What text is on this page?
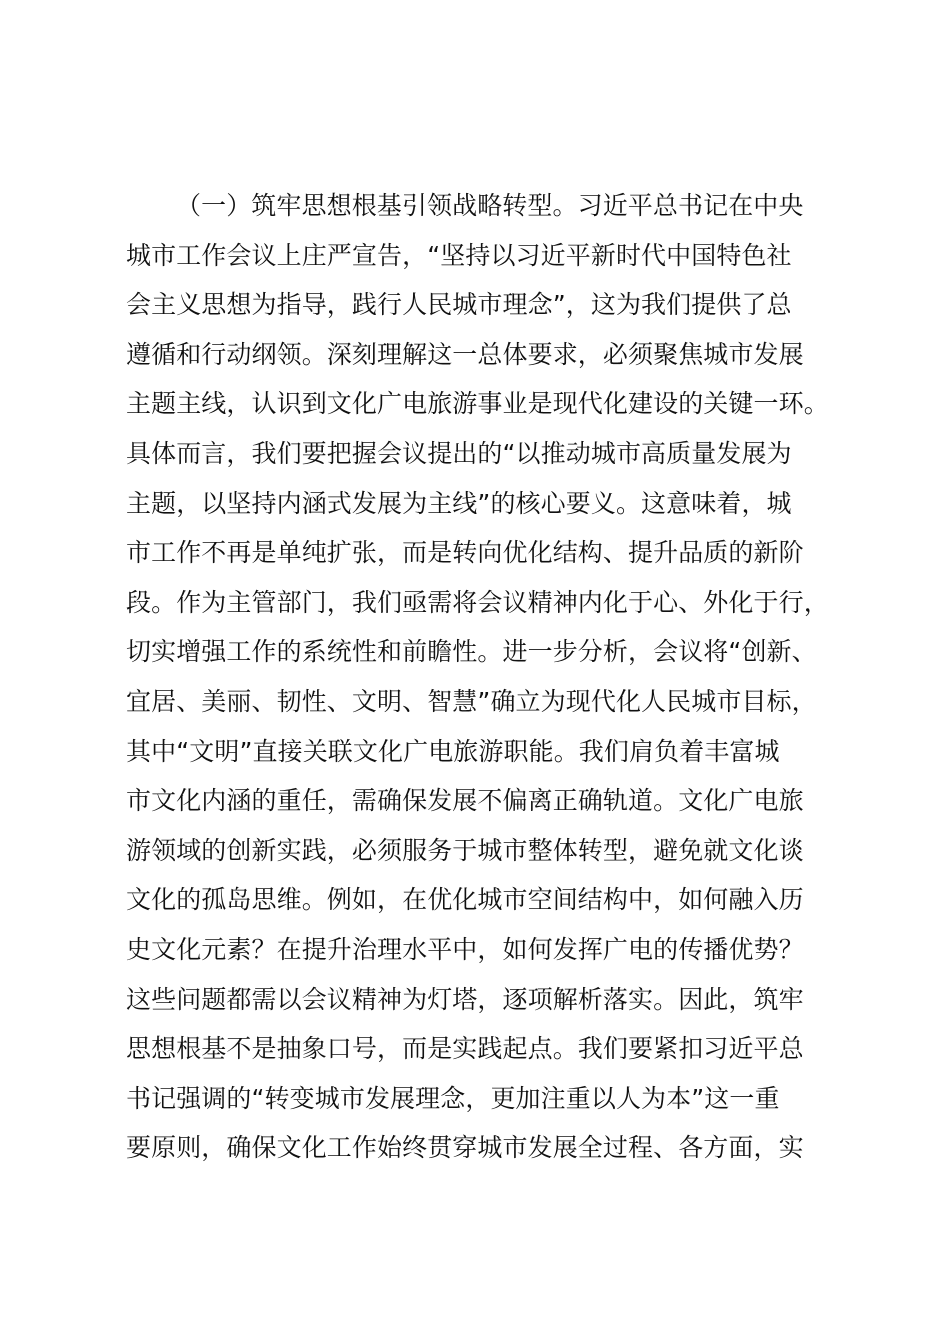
（一）筑牢思想根基引领战略转型。习近平总书记在中央
城市工作会议上庄严宣告，“坚持以习近平新时代中国特色社
会主义思想为指导，践行人民城市理念”，这为我们提供了总
遵循和行动纲领。深刻理解这一总体要求，必须聚焦城市发展
主题主线，认识到文化广电旅游事业是现代化建设的关键一环。
具体而言，我们要把握会议提出的“以推动城市高质量发展为
主题，以坚持内涵式发展为主线”的核心要义。这意味着，城
市工作不再是单纯扩张，而是转向优化结构、提升品质的新阶
段。作为主管部门，我们亟需将会议精神内化于心、外化于行，
切实增强工作的系统性和前瞻性。进一步分析，会议将“创新、
宜居、美丽、韧性、文明、智慧”确立为现代化人民城市目标，
其中“文明”直接关联文化广电旅游职能。我们肩负着丰富城
市文化内涵的重任，需确保发展不偏离正确轨道。文化广电旅
游领域的创新实践，必须服务于城市整体转型，避免就文化谈
文化的孤岛思维。例如，在优化城市空间结构中，如何融入历
史文化元素？在提升治理水平中，如何发挥广电的传播优势？
这些问题都需以会议精神为灯塔，逐项解析落实。因此，筑牢
思想根基不是抽象口号，而是实践起点。我们要紧扣习近平总
书记强调的“转变城市发展理念，更加注重以人为本”这一重
要原则，确保文化工作始终贯穿城市发展全过程、各方面，实
